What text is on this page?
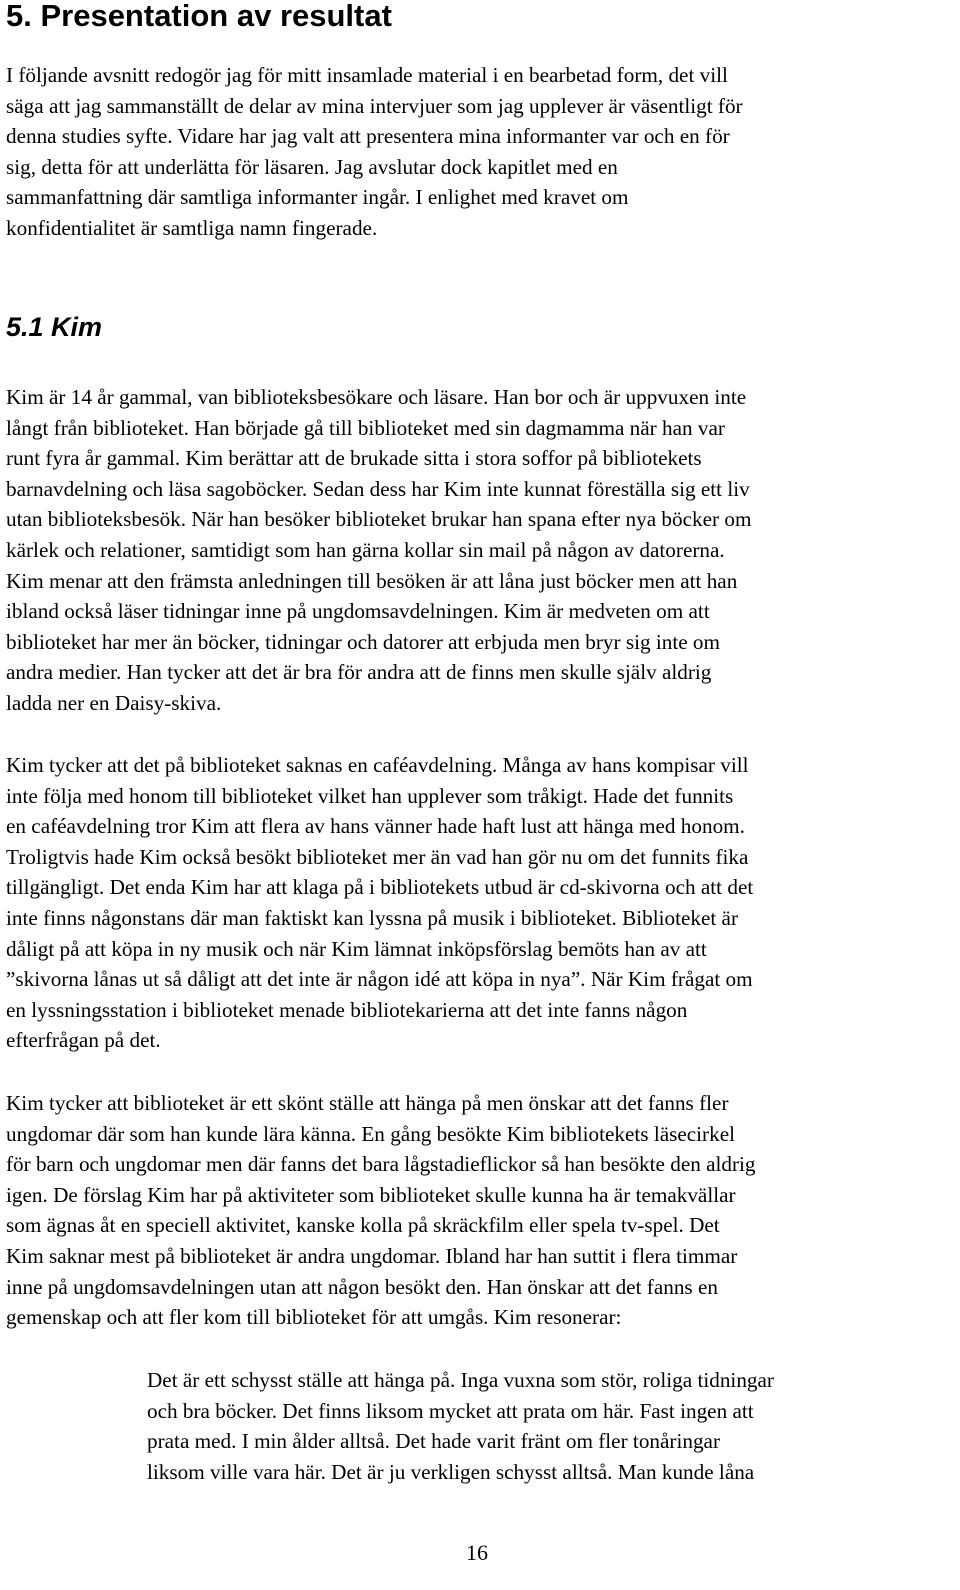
5. Presentation av resultat
I följande avsnitt redogör jag för mitt insamlade material i en bearbetad form, det vill
säga att jag sammanställt de delar av mina intervjuer som jag upplever är väsentligt för
denna studies syfte. Vidare har jag valt att presentera mina informanter var och en för
sig, detta för att underlätta för läsaren. Jag avslutar dock kapitlet med en
sammanfattning där samtliga informanter ingår. I enlighet med kravet om
konfidentialitet är samtliga namn fingerade.
5.1 Kim
Kim är 14 år gammal, van biblioteksbesökare och läsare. Han bor och är uppvuxen inte
långt från biblioteket. Han började gå till biblioteket med sin dagmamma när han var
runt fyra år gammal. Kim berättar att de brukade sitta i stora soffor på bibliotekets
barnavdelning och läsa sagoböcker. Sedan dess har Kim inte kunnat föreställa sig ett liv
utan biblioteksbesök. När han besöker biblioteket brukar han spana efter nya böcker om
kärlek och relationer, samtidigt som han gärna kollar sin mail på någon av datorerna.
Kim menar att den främsta anledningen till besöken är att låna just böcker men att han
ibland också läser tidningar inne på ungdomsavdelningen. Kim är medveten om att
biblioteket har mer än böcker, tidningar och datorer att erbjuda men bryr sig inte om
andra medier. Han tycker att det är bra för andra att de finns men skulle själv aldrig
ladda ner en Daisy-skiva.
Kim tycker att det på biblioteket saknas en caféavdelning. Många av hans kompisar vill
inte följa med honom till biblioteket vilket han upplever som tråkigt. Hade det funnits
en caféavdelning tror Kim att flera av hans vänner hade haft lust att hänga med honom.
Troligtvis hade Kim också besökt biblioteket mer än vad han gör nu om det funnits fika
tillgängligt. Det enda Kim har att klaga på i bibliotekets utbud är cd-skivorna och att det
inte finns någonstans där man faktiskt kan lyssna på musik i biblioteket. Biblioteket är
dåligt på att köpa in ny musik och när Kim lämnat inköpsförslag bemöts han av att
”skivorna lånas ut så dåligt att det inte är någon idé att köpa in nya”. När Kim frågat om
en lyssningsstation i biblioteket menade bibliotekarierna att det inte fanns någon
efterfrågan på det.
Kim tycker att biblioteket är ett skönt ställe att hänga på men önskar att det fanns fler
ungdomar där som han kunde lära känna. En gång besökte Kim bibliotekets läsecirkel
för barn och ungdomar men där fanns det bara lågstadieflickor så han besökte den aldrig
igen. De förslag Kim har på aktiviteter som biblioteket skulle kunna ha är temakvällar
som ägnas åt en speciell aktivitet, kanske kolla på skräckfilm eller spela tv-spel. Det
Kim saknar mest på biblioteket är andra ungdomar. Ibland har han suttit i flera timmar
inne på ungdomsavdelningen utan att någon besökt den. Han önskar att det fanns en
gemenskap och att fler kom till biblioteket för att umgås. Kim resonerar:
Det är ett schysst ställe att hänga på. Inga vuxna som stör, roliga tidningar
och bra böcker. Det finns liksom mycket att prata om här. Fast ingen att
prata med. I min ålder alltså. Det hade varit fränt om fler tonåringar
liksom ville vara här. Det är ju verkligen schysst alltså. Man kunde låna
16
